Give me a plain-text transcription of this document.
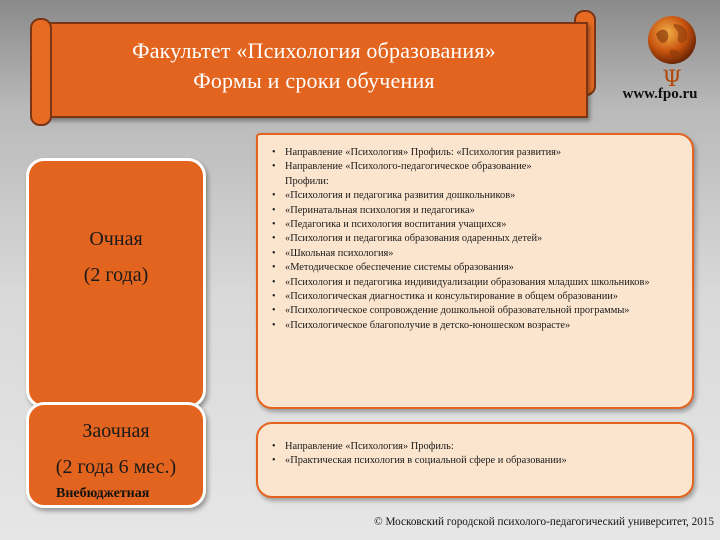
Факультет «Психология образования»
Формы и сроки обучения	Ψ
www.fpo.ru
Очная
(2 года)
Заочная
(2 года 6 мес.)
Внебюджетная
• Направление «Психология» Профиль: «Психология развития»
• Направление «Психолого-педагогическое образование»
Профили:
• «Психология и педагогика развития дошкольников»
• «Перинатальная психология и педагогика»
• «Педагогика и психология воспитания учащихся»
• «Психология и педагогика образования одаренных детей»
• «Школьная психология»
• «Методическое обеспечение системы образования»
• «Психология и педагогика индивидуализации образования младших школьников»
• «Психологическая диагностика и консультирование в общем образовании»
• «Психологическое сопровождение дошкольной образовательной программы»
• «Психологическое благополучие в детско-юношеском возрасте»
• Направление «Психология» Профиль:
• «Практическая психология в социальной сфере и образовании»
© Московский городской психолого-педагогический университет, 2015
